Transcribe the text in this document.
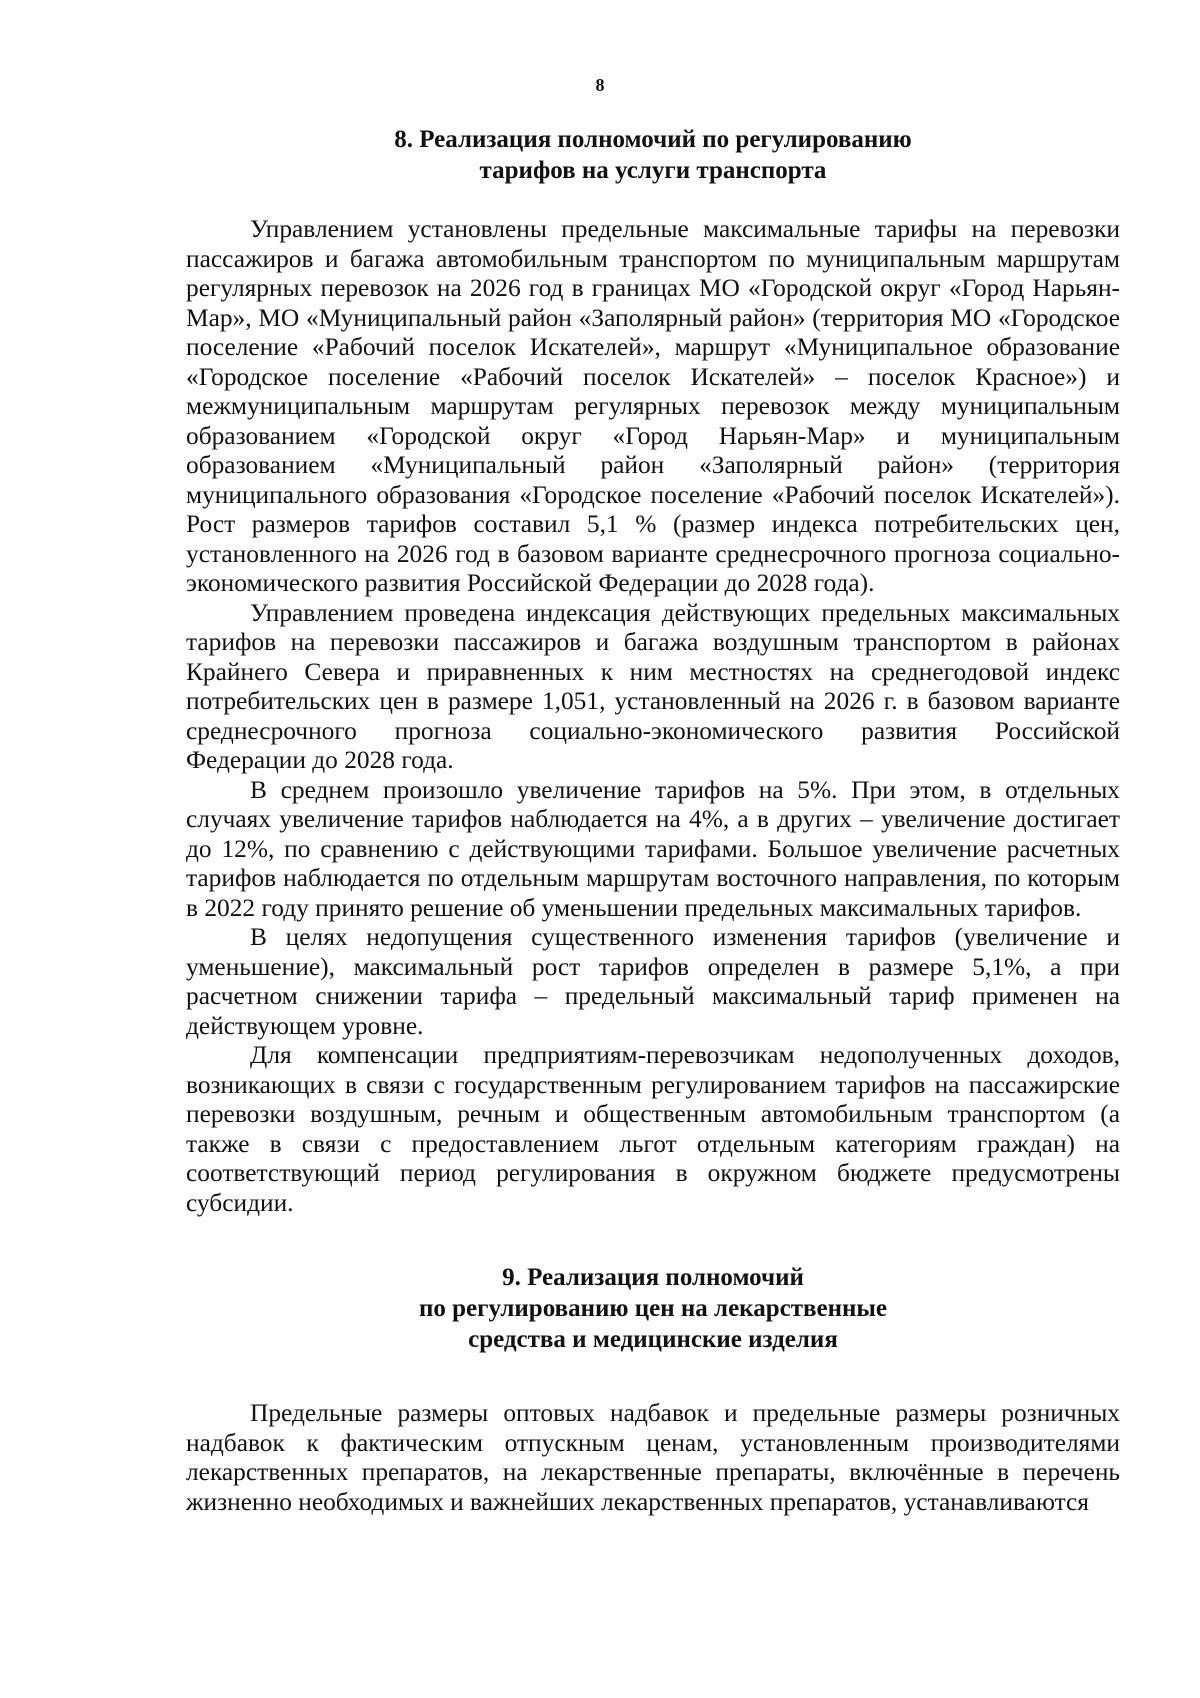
8
8. Реализация полномочий по регулированию
тарифов на услуги транспорта

Управлением установлены предельные максимальные тарифы на перевозки пассажиров и багажа автомобильным транспортом по муниципальным маршрутам регулярных перевозок на 2026 год в границах МО «Городской округ «Город Нарьян-Мар», МО «Муниципальный район «Заполярный район» (территория МО «Городское поселение «Рабочий поселок Искателей», маршрут «Муниципальное образование «Городское поселение «Рабочий поселок Искателей» – поселок Красное») и межмуниципальным маршрутам регулярных перевозок между муниципальным образованием «Городской округ «Город Нарьян-Мар» и муниципальным образованием «Муниципальный район «Заполярный район» (территория муниципального образования «Городское поселение «Рабочий поселок Искателей»). Рост размеров тарифов составил 5,1 % (размер индекса потребительских цен, установленного на 2026 год в базовом варианте среднесрочного прогноза социально-экономического развития Российской Федерации до 2028 года).

Управлением проведена индексация действующих предельных максимальных тарифов на перевозки пассажиров и багажа воздушным транспортом в районах Крайнего Севера и приравненных к ним местностях на среднегодовой индекс потребительских цен в размере 1,051, установленный на 2026 г. в базовом варианте среднесрочного прогноза социально-экономического развития Российской Федерации до 2028 года.

В среднем произошло увеличение тарифов на 5%. При этом, в отдельных случаях увеличение тарифов наблюдается на 4%, а в других – увеличение достигает до 12%, по сравнению с действующими тарифами. Большое увеличение расчетных тарифов наблюдается по отдельным маршрутам восточного направления, по которым в 2022 году принято решение об уменьшении предельных максимальных тарифов.

В целях недопущения существенного изменения тарифов (увеличение и уменьшение), максимальный рост тарифов определен в размере 5,1%, а при расчетном снижении тарифа – предельный максимальный тариф применен на действующем уровне.

Для компенсации предприятиям-перевозчикам недополученных доходов, возникающих в связи с государственным регулированием тарифов на пассажирские перевозки воздушным, речным и общественным автомобильным транспортом (а также в связи с предоставлением льгот отдельным категориям граждан) на соответствующий период регулирования в окружном бюджете предусмотрены субсидии.

9. Реализация полномочий
по регулированию цен на лекарственные
средства и медицинские изделия

Предельные размеры оптовых надбавок и предельные размеры розничных надбавок к фактическим отпускным ценам, установленным производителями лекарственных препаратов, на лекарственные препараты, включённые в перечень жизненно необходимых и важнейших лекарственных препаратов, устанавливаются
